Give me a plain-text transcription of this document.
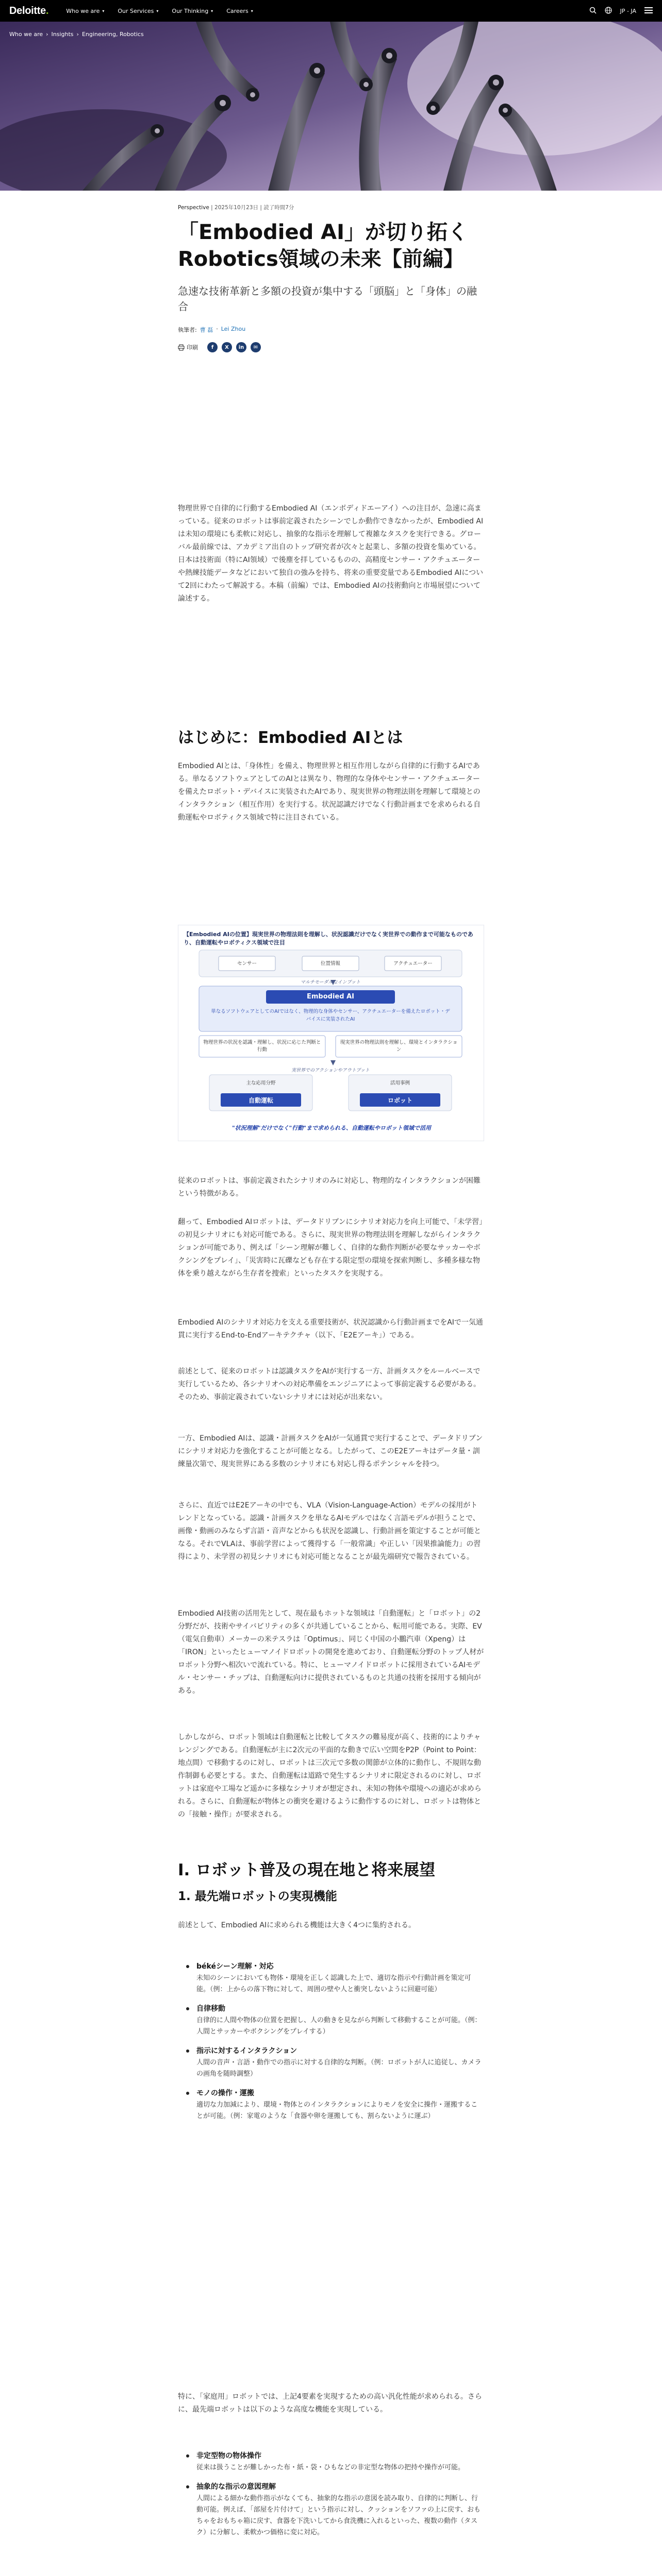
Deloitte.	Who we are ▾ Our Services ▾ Our Thinking ▾ Careers ▾	JP - JA
Who we are › Insights › Engineering, Robotics
Perspective | 2025年10月23日 | 読了時間7分
「Embodied AI」が切り拓くRobotics領域の未来【前編】
急速な技術革新と多額の投資が集中する「頭脳」と「身体」の融合
執筆者: 曹 磊 · Lei Zhou
印刷	f	X	in	✉

物理世界で自律的に行動するEmbodied AI（エンボディドエーアイ）への注目が、急速に高まっている。従来のロボットは事前定義されたシーンでしか動作できなかったが、Embodied AIは未知の環境にも柔軟に対応し、抽象的な指示を理解して複雑なタスクを実行できる。グローバル最前線では、アカデミア出自のトップ研究者が次々と起業し、多額の投資を集めている。日本は技術面（特にAI領域）で後塵を拝しているものの、高精度センサー・アクチュエーターや熱練技能データなどにおいて独自の強みを持ち、将来の重要変量であるEmbodied AIについて2回にわたって解説する。本稿（前編）では、Embodied AIの技術動向と市場展望について論述する。

はじめに：Embodied AIとは

Embodied AIとは、「身体性」を備え、物理世界と相互作用しながら自律的に行動するAIである。単なるソフトウェアとしてのAIとは異なり、物理的な身体やセンサー・アクチュエーターを備えたロボット・デバイスに実装されたAIであり、現実世界の物理法則を理解して環境とのインタラクション（相互作用）を実行する。状況認識だけでなく行動計画までを求められる自動運転やロボティクス領域で特に注目されている。

【Embodied AIの位置】現実世界の物理法則を理解し、状況認識だけでなく実世界での動作まで可能なものであり、自動運転やロボティクス領域で注目
センサー	位置情報	アクチュエーター
マルチモーダルなインプット
Embodied AI
単なるソフトウェアとしてのAIではなく、物理的な身体やセンサー、アクチュエーターを備えたロボット・デバイスに実装されたAI
物理世界の状況を認識・理解し、状況に応じた判断と行動
現実世界の物理法則を理解し、環境とインタラクション
実世界でのアクションやアウトプット
主な応用分野	活用事例
自動運転	ロボット
"状況理解"だけでなく"行動"まで求められる、自動運転やロボット領域で活用

従来のロボットは、事前定義されたシナリオのみに対応し、物理的なインタラクションが困難という特徴がある。

翻って、Embodied AIロボットは、データドリブンにシナリオ対応力を向上可能で、「未学習」の初見シナリオにも対応可能である。さらに、現実世界の物理法則を理解しながらインタラクションが可能であり、例えば「シーン理解が難しく、自律的な動作判断が必要なサッカーやボクシングをプレイ」、「災害時に瓦礫なども存在する限定型の環境を探索判断し、多種多様な物体を乗り越えながら生存者を捜索」といったタスクを実現する。

Embodied AIのシナリオ対応力を支える重要技術が、状況認識から行動計画までをAIで一気通貫に実行するEnd-to-Endアーキテクチャ（以下、「E2Eアーキ」）である。

前述として、従来のロボットは認識タスクをAIが実行する一方、計画タスクをルールベースで実行しているため、各シナリオへの対応準備をエンジニアによって事前定義する必要がある。そのため、事前定義されていないシナリオには対応が出来ない。

一方、Embodied AIは、認識・計画タスクをAIが一気通貫で実行することで、データドリブンにシナリオ対応力を強化することが可能となる。したがって、このE2Eアーキはデータ量・訓練量次第で、現実世界にある多数のシナリオにも対応し得るポテンシャルを持つ。

さらに、直近ではE2Eアーキの中でも、VLA（Vision-Language-Action）モデルの採用がトレンドとなっている。認識・計画タスクを単なるAIモデルではなく言語モデルが担うことで、画像・動画のみならず言語・音声などからも状況を認識し、行動計画を策定することが可能となる。それでVLAは、事前学習によって獲得する「一般常識」や正しい「因果推論能力」の習得により、未学習の初見シナリオにも対応可能となることが最先端研究で報告されている。

Embodied AI技術の活用先として、現在最もホットな領域は「自動運転」と「ロボット」の2分野だが、技術やサイバビリティの多くが共通していることから、転用可能である。実際、EV（電気自動車）メーカーの米テスラは「Optimus」、同じく中国の小鵬汽車（Xpeng）は「IRON」といったヒューマノイドロボットの開発を進めており、自動運転分野のトップ人材がロボット分野へ相次いで流れている。特に、ヒューマノイドロボットに採用されているAIモデル・センサー・チップは、自動運転向けに提供されているものと共通の技術を採用する傾向がある。

しかしながら、ロボット領域は自動運転と比較してタスクの難易度が高く、技術的によりチャレンジングである。自動運転が主に2次元の平面的な動きで広い空間をP2P（Point to Point：地点間）で移動するのに対し、ロボットは三次元で多数の関節が立体的に動作し、不規則な動作制御も必要とする。また、自動運転は道路で発生するシナリオに限定されるのに対し、ロボットは家庭や工場など遥かに多様なシナリオが想定され、未知の物体や環境への適応が求められる。さらに、自動運転が物体との衝突を避けるように動作するのに対し、ロボットは物体との「接触・操作」が要求される。

I. ロボット普及の現在地と将来展望
1. 最先端ロボットの実現機能

前述として、Embodied AIに求められる機能は大きく4つに集約される。

békéシーン理解・対応
未知のシーンにおいても物体・環境を正しく認識した上で、適切な指示や行動計画を策定可能。（例：上からの落下物に対して、周囲の壁や人と衝突しないように回避可能）
自律移動
自律的に人間や物体の位置を把握し、人の動きを見ながら判断して移動することが可能。（例：人間とサッカーやボクシングをプレイする）
指示に対するインタラクション
人間の音声・言語・動作での指示に対する自律的な判断。（例：ロボットが人に追従し、カメラの画角を随時調整）
モノの操作・運搬
適切な力加減により、環境・物体とのインタラクションによりモノを安全に操作・運搬することが可能。（例：家電のような「食器や卵を運搬しても、割らないように運ぶ）

特に、「家庭用」ロボットでは、上記4要素を実現するための高い汎化性能が求められる。さらに、最先端ロボットは以下のような高度な機能を実現している。

非定型物の物体操作
従来は扱うことが難しかった布・紙・袋・ひもなどの非定型な物体の把持や操作が可能。
抽象的な指示の意図理解
人間による細かな動作指示がなくても、抽象的な指示の意図を読み取り、自律的に判断し、行動可能。例えば、「部屋を片付けて」という指示に対し、クッションをソファの上に戻す、おもちゃをおもちゃ箱に戻す、食器を下洗いしてから食洗機に入れるといった、複数の動作（タスク）に分解し、柔軟かつ価格に変に対応。
